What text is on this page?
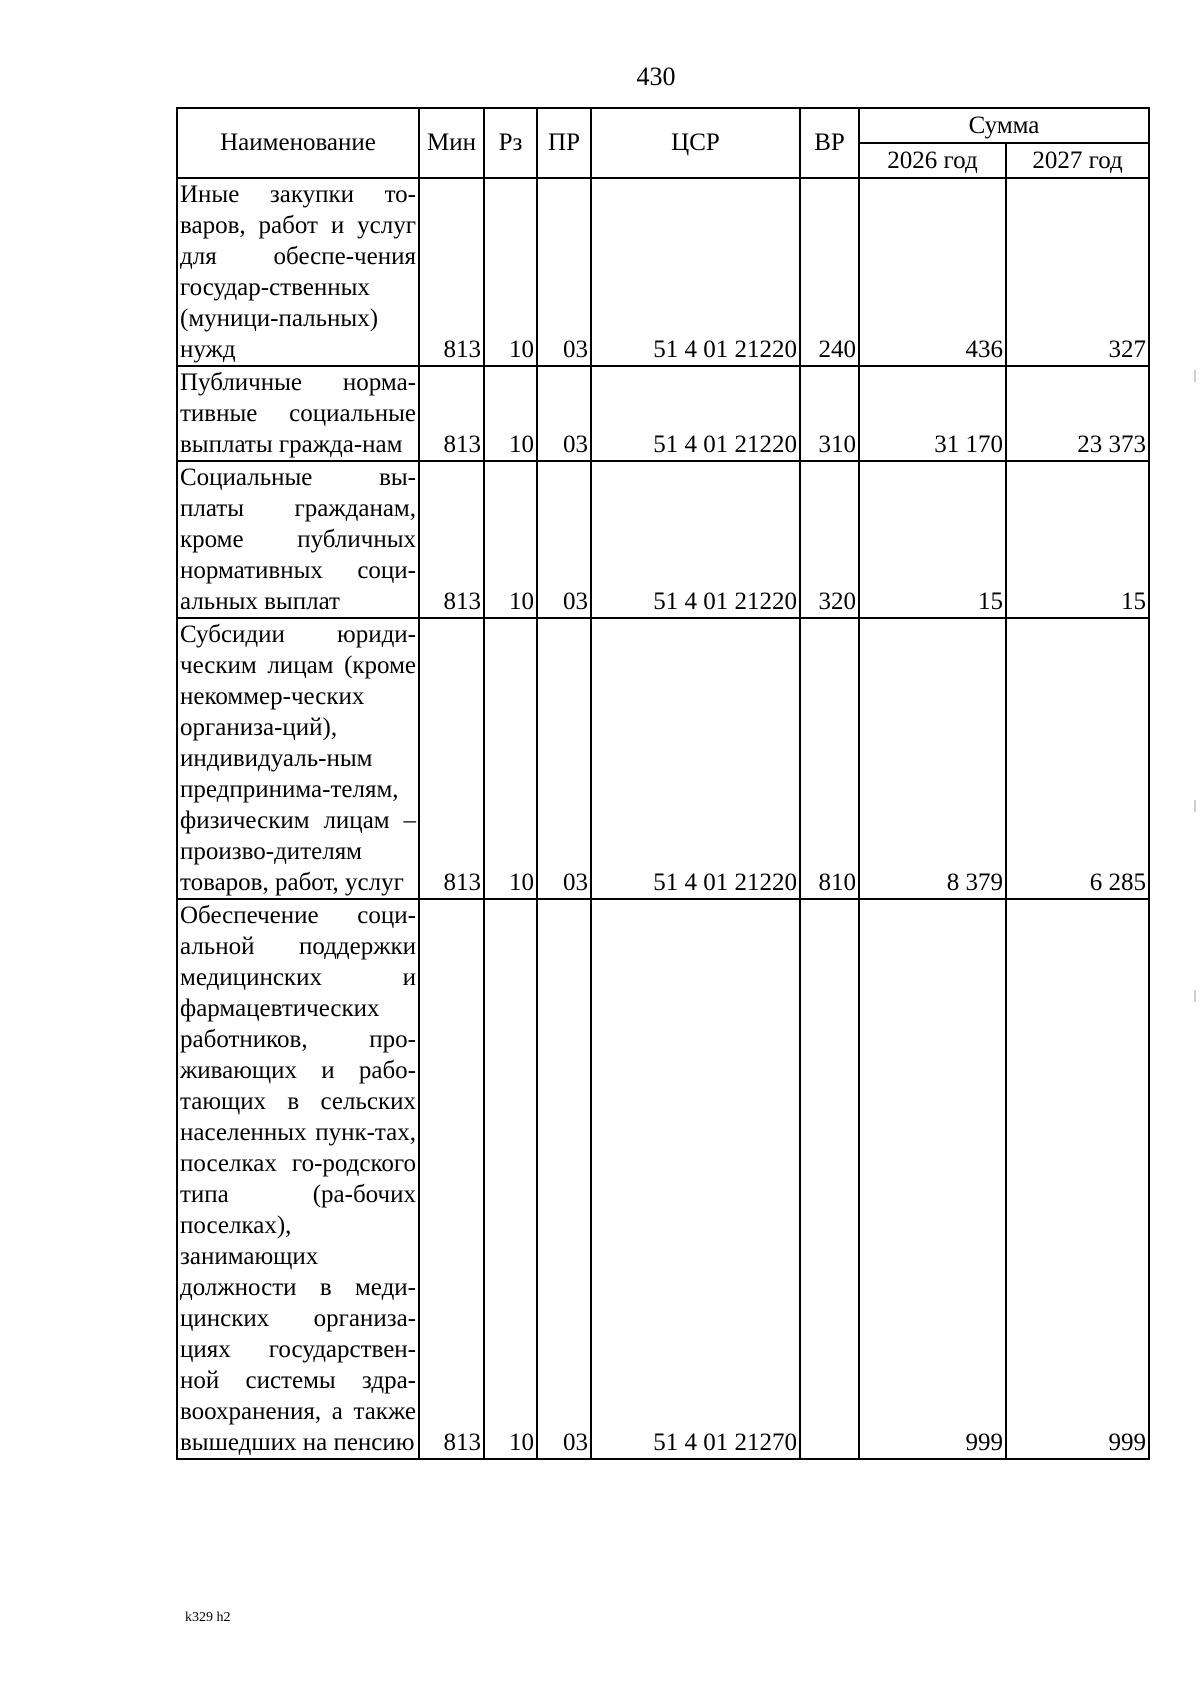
430
Наименование	Мин	Рз	ПР	ЦСР	ВР	Сумма	
						2026 год	2027 год
Иные закупки то-варов, работ и услуг для обеспе-чения государ-ственных (муници-пальных) нужд	813	10	03	51 4 01 21220	240	436	327
Публичные норма-тивные социальные выплаты гражда-нам	813	10	03	51 4 01 21220	310	31 170	23 373
Социальные вы-платы гражданам, кроме публичных нормативных соци-альных выплат	813	10	03	51 4 01 21220	320	15	15
Субсидии юриди-ческим лицам (кроме некоммер-ческих организа-ций), индивидуаль-ным предпринима-телям, физическим лицам – произво-дителям товаров, работ, услуг	813	10	03	51 4 01 21220	810	8 379	6 285
Обеспечение соци-альной поддержки медицинских и фармацевтических работников, про-живающих и рабо-тающих в сельских населенных пунк-тах, поселках го-родского типа (ра-бочих поселках), занимающих должности в меди-цинских организа-циях государствен-ной системы здра-воохранения, а также вышедших на пенсию	813	10	03	51 4 01 21270		999	999
k329 h2
